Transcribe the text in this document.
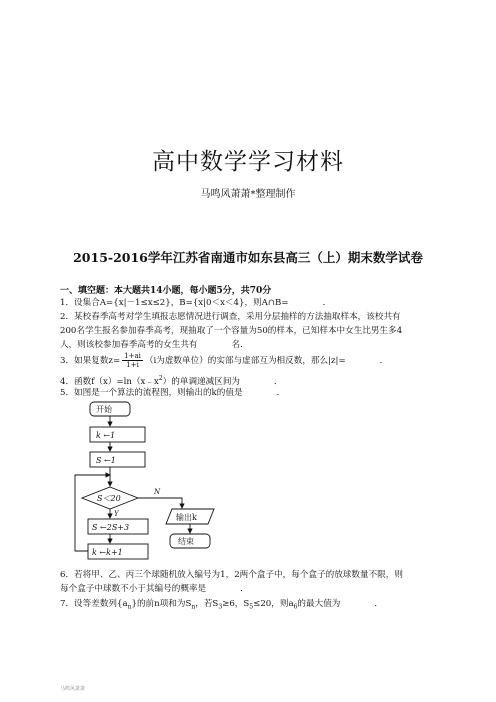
高中数学学习材料
马鸣风萧萧*整理制作
2015-2016学年江苏省南通市如东县高三（上）期末数学试卷
一、填空题：本大题共14小题，每小题5分，共70分
1．设集合A={x|－1≤x≤2}，B={x|0＜x＜4}，则A∩B=	．
2．某校春季高考对学生填报志愿情况进行调查，采用分层抽样的方法抽取样本，该校共有
200名学生报名参加春季高考，现抽取了一个容量为50的样本，已知样本中女生比男生多4
人，则该校参加春季高考的女生共有	名．
3．如果复数$z= \frac{1+ai}{1+i} (i$为虚数单位）的实部与虚部互为相反数，那么|z|=	．
4．函数$f(x)=\ln(x﹣x^2)$的单调递减区间为	．
5．如图是一个算法的流程图，则输出的k的值是	．
开始
k ←1
S ←1
S＜20
Y
N
S ←2S+3
k ←k+1
输出k
结束
6．若将甲、乙、丙三个球随机放入编号为1，2两个盒子中，每个盒子的放球数量不限，则
每个盒子中球数不小于其编号的概率是	．
7．设等差数列$\{a_n\}$的前n项和为$S_n$，若$S_3\ge 6$，$S_5\le 20$，则$a_6$的最大值为	．
马鸣风萧萧
